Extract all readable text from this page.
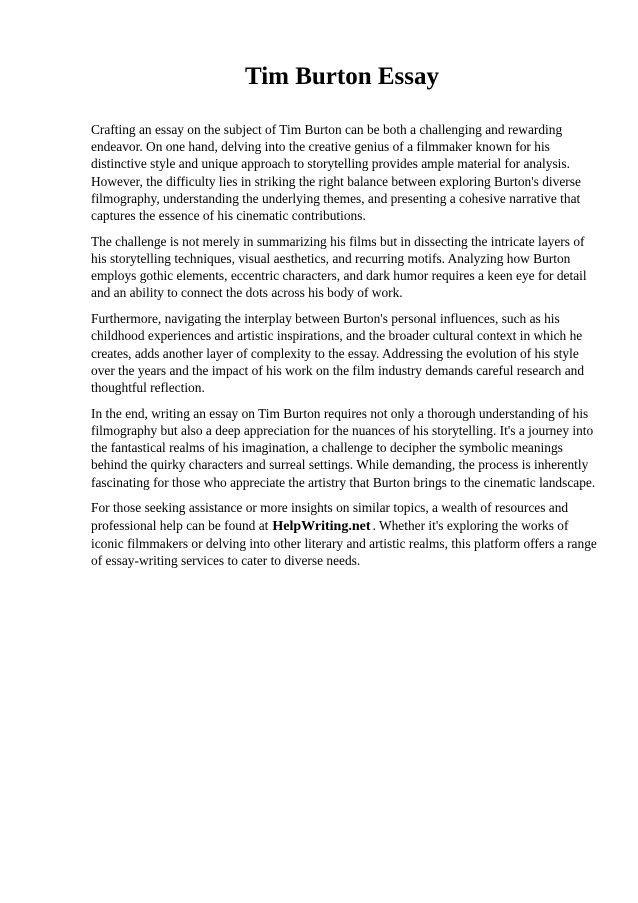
Tim Burton Essay

Crafting an essay on the subject of Tim Burton can be both a challenging and rewarding endeavor. On one hand, delving into the creative genius of a filmmaker known for his distinctive style and unique approach to storytelling provides ample material for analysis. However, the difficulty lies in striking the right balance between exploring Burton's diverse filmography, understanding the underlying themes, and presenting a cohesive narrative that captures the essence of his cinematic contributions.

The challenge is not merely in summarizing his films but in dissecting the intricate layers of his storytelling techniques, visual aesthetics, and recurring motifs. Analyzing how Burton employs gothic elements, eccentric characters, and dark humor requires a keen eye for detail and an ability to connect the dots across his body of work.

Furthermore, navigating the interplay between Burton's personal influences, such as his childhood experiences and artistic inspirations, and the broader cultural context in which he creates, adds another layer of complexity to the essay. Addressing the evolution of his style over the years and the impact of his work on the film industry demands careful research and thoughtful reflection.

In the end, writing an essay on Tim Burton requires not only a thorough understanding of his filmography but also a deep appreciation for the nuances of his storytelling. It's a journey into the fantastical realms of his imagination, a challenge to decipher the symbolic meanings behind the quirky characters and surreal settings. While demanding, the process is inherently fascinating for those who appreciate the artistry that Burton brings to the cinematic landscape.

For those seeking assistance or more insights on similar topics, a wealth of resources and professional help can be found at HelpWriting.net . Whether it's exploring the works of iconic filmmakers or delving into other literary and artistic realms, this platform offers a range of essay-writing services to cater to diverse needs.
